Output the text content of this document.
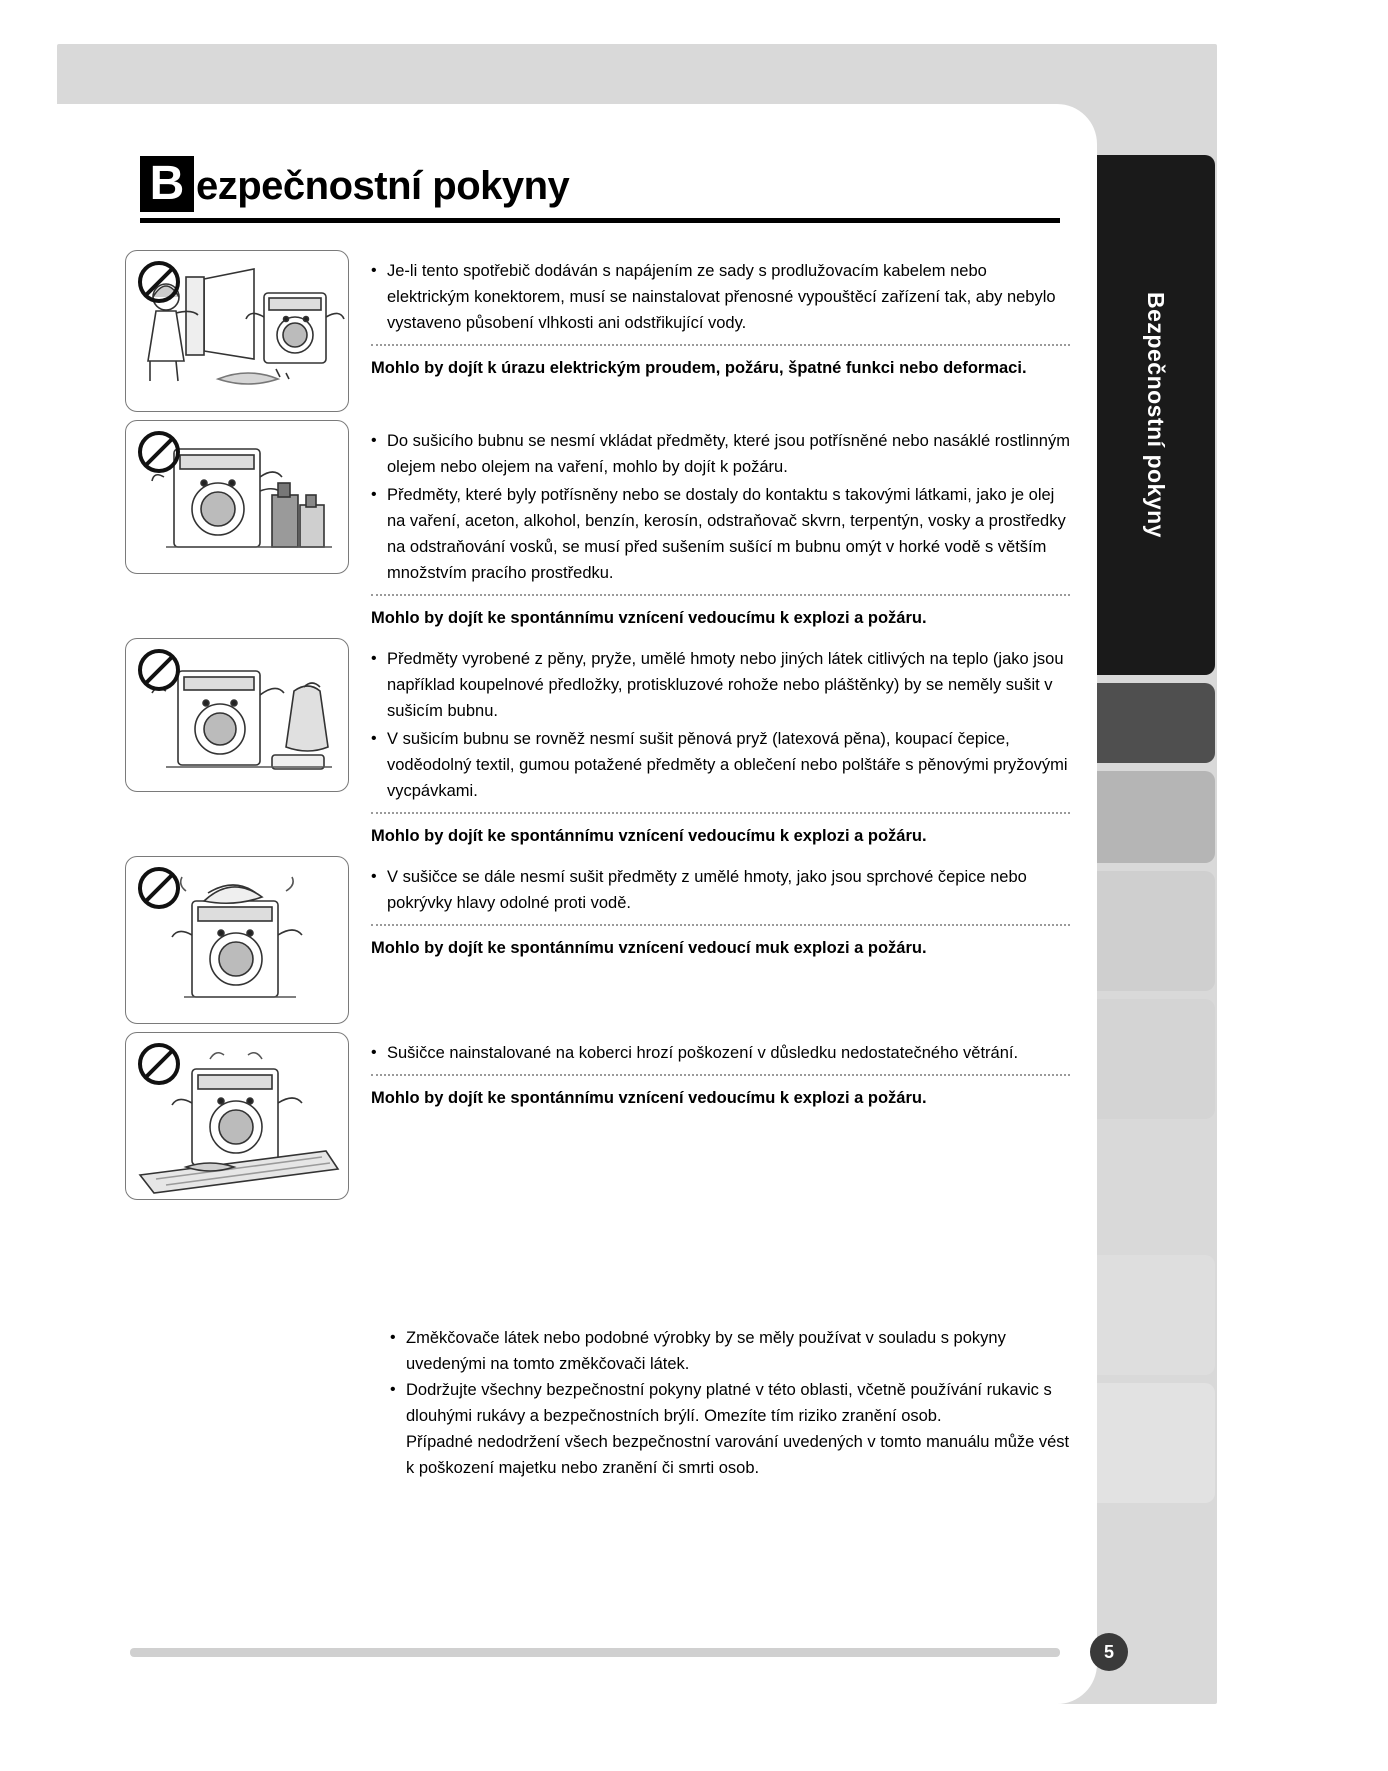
Bezpečnostní pokyny
B ezpečnostní pokyny
• Je-li tento spotřebič dodáván s napájením ze sady s prodlužovacím kabelem nebo elektrickým konektorem, musí se nainstalovat přenosné vypouštěcí zařízení tak, aby nebylo vystaveno působení vlhkosti ani odstřikující vody.
Mohlo by dojít k úrazu elektrickým proudem, požáru, špatné funkci nebo deformaci.
• Do sušicího bubnu se nesmí vkládat předměty, které jsou potřísněné nebo nasáklé rostlinným olejem nebo olejem na vaření, mohlo by dojít k požáru.
• Předměty, které byly potřísněny nebo se dostaly do kontaktu s takovými látkami, jako je olej na vaření, aceton, alkohol, benzín, kerosín, odstraňovač skvrn, terpentýn, vosky a prostředky na odstraňování vosků, se musí před sušením sušící m bubnu omýt v horké vodě s větším množstvím pracího prostředku.
Mohlo by dojít ke spontánnímu vznícení vedoucímu k explozi a požáru.
• Předměty vyrobené z pěny, pryže, umělé hmoty nebo jiných látek citlivých na teplo (jako jsou například koupelnové předložky, protiskluzové rohože nebo pláštěnky) by se neměly sušit v sušicím bubnu.
• V sušicím bubnu se rovněž nesmí sušit pěnová pryž (latexová pěna), koupací čepice, voděodolný textil, gumou potažené předměty a oblečení nebo polštáře s pěnovými pryžovými vycpávkami.
Mohlo by dojít ke spontánnímu vznícení vedoucímu k explozi a požáru.
• V sušičce se dále nesmí sušit předměty z umělé hmoty, jako jsou sprchové čepice nebo pokrývky hlavy odolné proti vodě.
Mohlo by dojít ke spontánnímu vznícení vedoucí muk explozi a požáru.
• Sušičce nainstalované na koberci hrozí poškození v důsledku nedostatečného větrání.
Mohlo by dojít ke spontánnímu vznícení vedoucímu k explozi a požáru.
• Změkčovače látek nebo podobné výrobky by se měly používat v souladu s pokyny uvedenými na tomto změkčovači látek.
• Dodržujte všechny bezpečnostní pokyny platné v této oblasti, včetně používání rukavic s dlouhými rukávy a bezpečnostních brýlí. Omezíte tím riziko zranění osob.
Případné nedodržení všech bezpečnostní varování uvedených v tomto manuálu může vést k poškození majetku nebo zranění či smrti osob.
5
